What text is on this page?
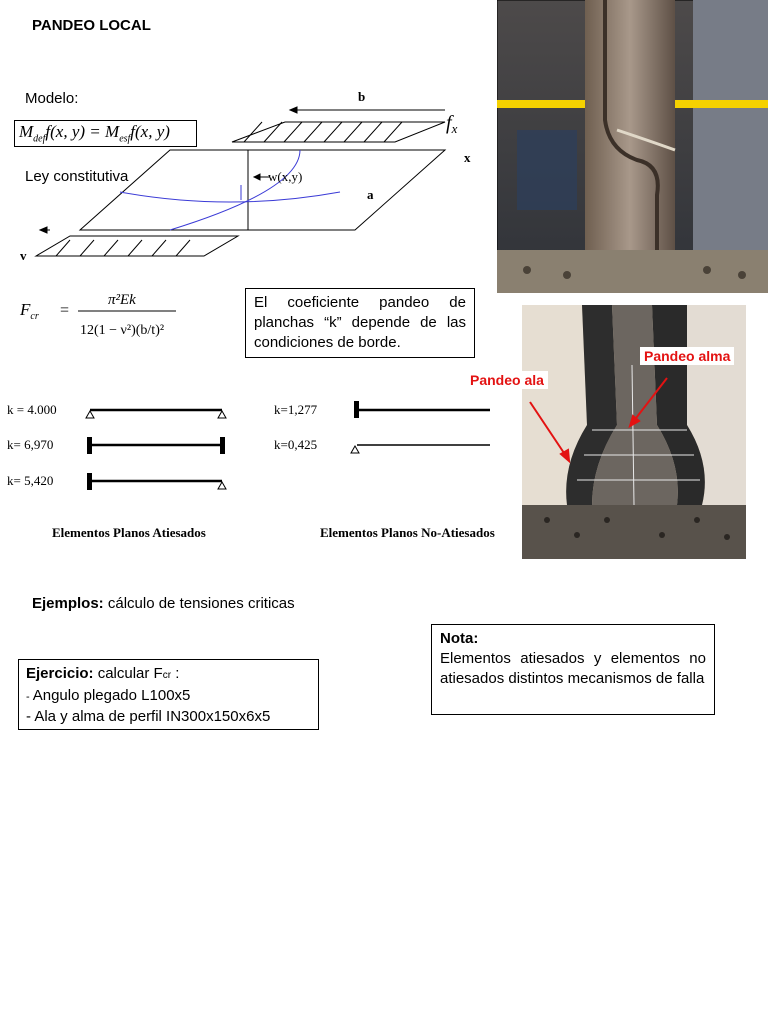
PANDEO LOCAL
Modelo:
$M_{def}f(x$, $y) = M_{esf}f(x$, y)
Ley constitutiva
b
$f_x$
x
a
w(x,y)
v
$F_{cr}$ =
π²Ek
12(1 − ν²)(b/t)²
El coeficiente pandeo de planchas “k” depende de las condiciones de borde.
k = 4.000
k= 6,970
k= 5,420
Elementos Planos Atiesados
k=1,277
k=0,425
Elementos Planos No-Atiesados
Pandeo alma
Pandeo ala
Ejemplos: cálculo de tensiones criticas
Ejercicio: calcular Fcr :
- Angulo plegado L100x5
- Ala y alma de perfil IN300x150x6x5
Nota:
Elementos atiesados y elementos no atiesados distintos mecanismos de falla
